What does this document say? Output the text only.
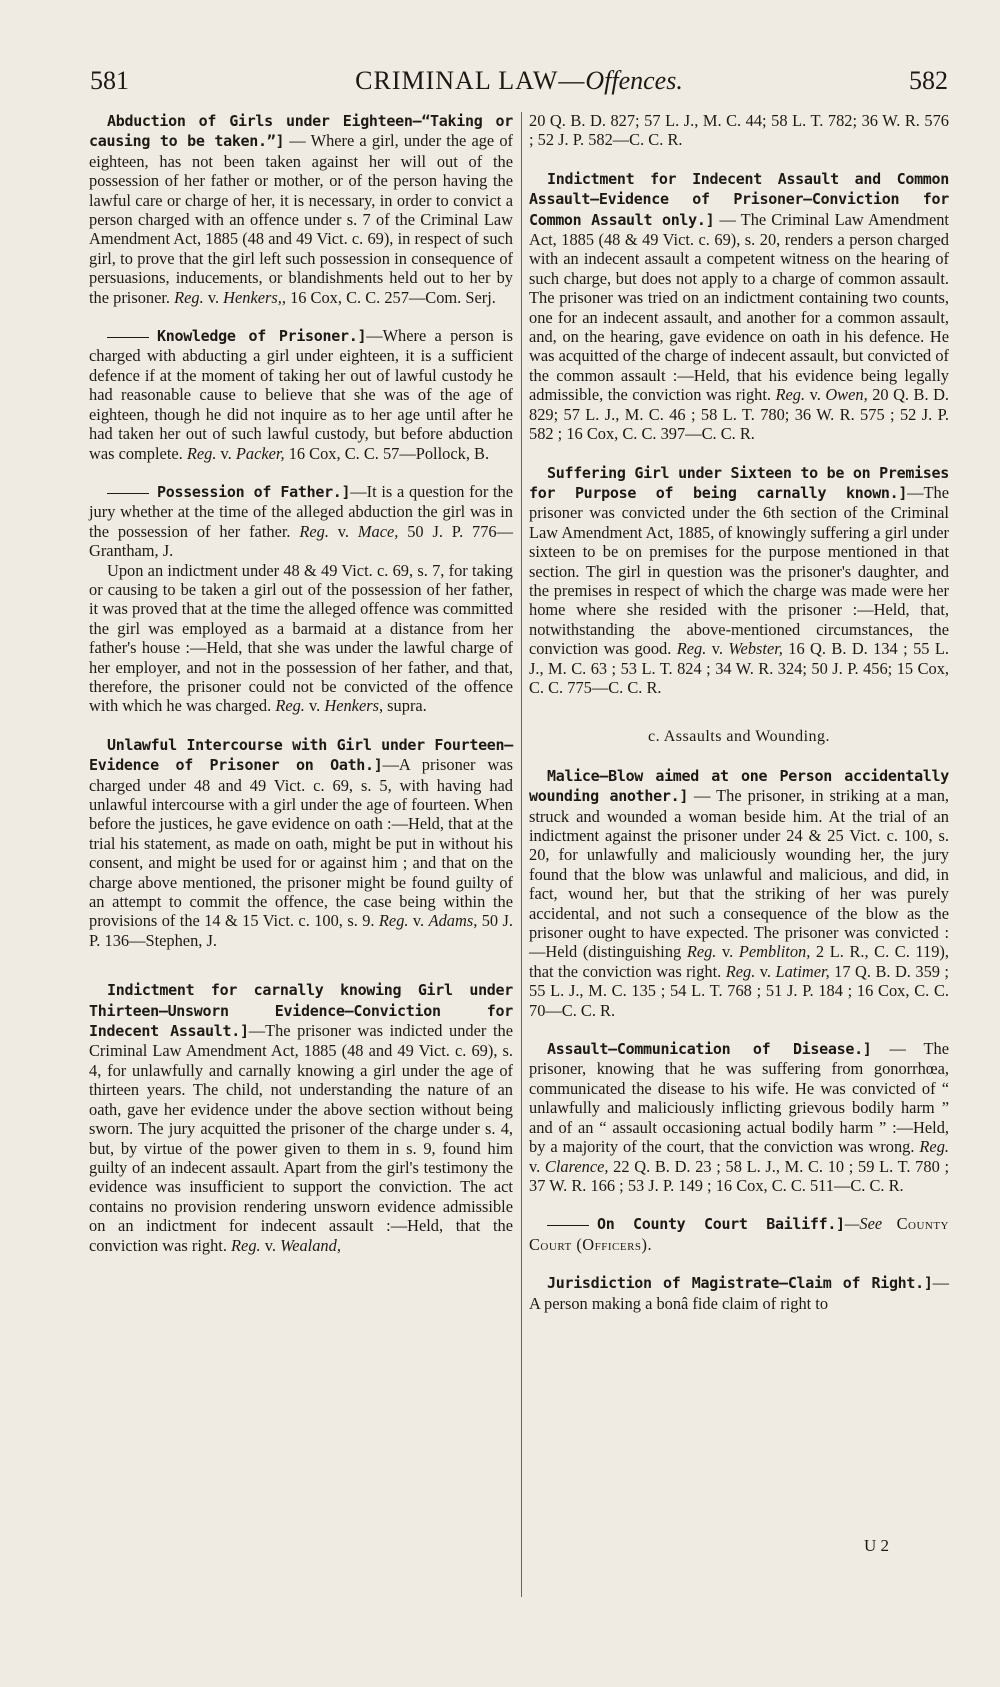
581	CRIMINAL LAW—Offences.	582

Abduction of Girls under Eighteen—“Taking or causing to be taken.”] — Where a girl, under the age of eighteen, has not been taken against her will out of the possession of her father or mother, or of the person having the lawful care or charge of her, it is necessary, in order to convict a person charged with an offence under s. 7 of the Criminal Law Amendment Act, 1885 (48 and 49 Vict. c. 69), in respect of such girl, to prove that the girl left such possession in consequence of persuasions, inducements, or blandishments held out to her by the prisoner. Reg. v. Henkers,, 16 Cox, C. C. 257—Com. Serj.

Knowledge of Prisoner.]—Where a person is charged with abducting a girl under eighteen, it is a sufficient defence if at the moment of taking her out of lawful custody he had reasonable cause to believe that she was of the age of eighteen, though he did not inquire as to her age until after he had taken her out of such lawful custody, but before abduction was complete. Reg. v. Packer, 16 Cox, C. C. 57—Pollock, B.

Possession of Father.]—It is a question for the jury whether at the time of the alleged abduction the girl was in the possession of her father. Reg. v. Mace, 50 J. P. 776—Grantham, J.

Upon an indictment under 48 & 49 Vict. c. 69, s. 7, for taking or causing to be taken a girl out of the possession of her father, it was proved that at the time the alleged offence was committed the girl was employed as a barmaid at a distance from her father's house :—Held, that she was under the lawful charge of her employer, and not in the possession of her father, and that, therefore, the prisoner could not be convicted of the offence with which he was charged. Reg. v. Henkers, supra.

Unlawful Intercourse with Girl under Fourteen—Evidence of Prisoner on Oath.]—A prisoner was charged under 48 and 49 Vict. c. 69, s. 5, with having had unlawful intercourse with a girl under the age of fourteen. When before the justices, he gave evidence on oath :—Held, that at the trial his statement, as made on oath, might be put in without his consent, and might be used for or against him ; and that on the charge above mentioned, the prisoner might be found guilty of an attempt to commit the offence, the case being within the provisions of the 14 & 15 Vict. c. 100, s. 9. Reg. v. Adams, 50 J. P. 136—Stephen, J.

Indictment for carnally knowing Girl under Thirteen—Unsworn Evidence—Conviction for Indecent Assault.]—The prisoner was indicted under the Criminal Law Amendment Act, 1885 (48 and 49 Vict. c. 69), s. 4, for unlawfully and carnally knowing a girl under the age of thirteen years. The child, not understanding the nature of an oath, gave her evidence under the above section without being sworn. The jury acquitted the prisoner of the charge under s. 4, but, by virtue of the power given to them in s. 9, found him guilty of an indecent assault. Apart from the girl's testimony the evidence was insufficient to support the conviction. The act contains no provision rendering unsworn evidence admissible on an indictment for indecent assault :—Held, that the conviction was right. Reg. v. Wealand,

20 Q. B. D. 827; 57 L. J., M. C. 44; 58 L. T. 782; 36 W. R. 576 ; 52 J. P. 582—C. C. R.

Indictment for Indecent Assault and Common Assault—Evidence of Prisoner—Conviction for Common Assault only.] — The Criminal Law Amendment Act, 1885 (48 & 49 Vict. c. 69), s. 20, renders a person charged with an indecent assault a competent witness on the hearing of such charge, but does not apply to a charge of common assault. The prisoner was tried on an indictment containing two counts, one for an indecent assault, and another for a common assault, and, on the hearing, gave evidence on oath in his defence. He was acquitted of the charge of indecent assault, but convicted of the common assault :—Held, that his evidence being legally admissible, the conviction was right. Reg. v. Owen, 20 Q. B. D. 829; 57 L. J., M. C. 46 ; 58 L. T. 780; 36 W. R. 575 ; 52 J. P. 582 ; 16 Cox, C. C. 397—C. C. R.

Suffering Girl under Sixteen to be on Premises for Purpose of being carnally known.]—The prisoner was convicted under the 6th section of the Criminal Law Amendment Act, 1885, of knowingly suffering a girl under sixteen to be on premises for the purpose mentioned in that section. The girl in question was the prisoner's daughter, and the premises in respect of which the charge was made were her home where she resided with the prisoner :—Held, that, notwithstanding the above-mentioned circumstances, the conviction was good. Reg. v. Webster, 16 Q. B. D. 134 ; 55 L. J., M. C. 63 ; 53 L. T. 824 ; 34 W. R. 324; 50 J. P. 456; 15 Cox, C. C. 775—C. C. R.

c. Assaults and Wounding.

Malice—Blow aimed at one Person accidentally wounding another.] — The prisoner, in striking at a man, struck and wounded a woman beside him. At the trial of an indictment against the prisoner under 24 & 25 Vict. c. 100, s. 20, for unlawfully and maliciously wounding her, the jury found that the blow was unlawful and malicious, and did, in fact, wound her, but that the striking of her was purely accidental, and not such a consequence of the blow as the prisoner ought to have expected. The prisoner was convicted :—Held (distinguishing Reg. v. Pembliton, 2 L. R., C. C. 119), that the conviction was right. Reg. v. Latimer, 17 Q. B. D. 359 ; 55 L. J., M. C. 135 ; 54 L. T. 768 ; 51 J. P. 184 ; 16 Cox, C. C. 70—C. C. R.

Assault—Communication of Disease.] — The prisoner, knowing that he was suffering from gonorrhœa, communicated the disease to his wife. He was convicted of “ unlawfully and maliciously inflicting grievous bodily harm ” and of an “ assault occasioning actual bodily harm ” :—Held, by a majority of the court, that the conviction was wrong. Reg. v. Clarence, 22 Q. B. D. 23 ; 58 L. J., M. C. 10 ; 59 L. T. 780 ; 37 W. R. 166 ; 53 J. P. 149 ; 16 Cox, C. C. 511—C. C. R.

On County Court Bailiff.]—See County Court (Officers).

Jurisdiction of Magistrate—Claim of Right.]—A person making a bonâ fide claim of right to

U 2
